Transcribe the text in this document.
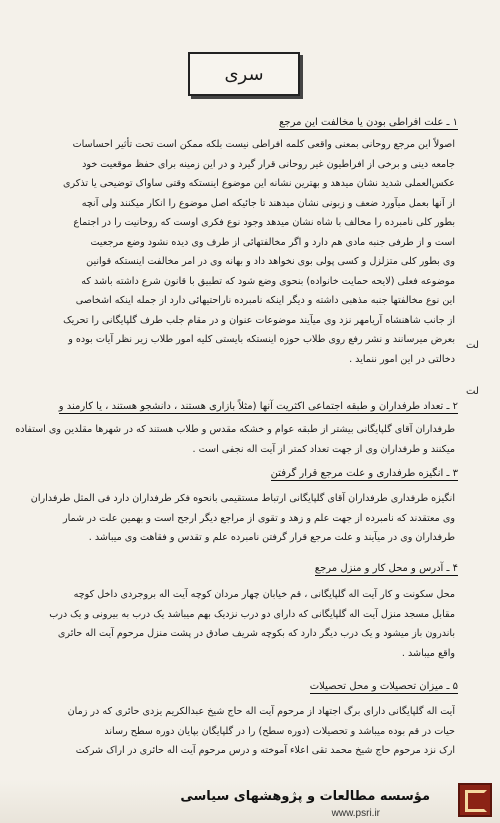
سری
۱ ـ علت افراطی بودن یا مخالفت این مرجع
اصولاً این مرجع روحانی بمعنی واقعی کلمه افراطی نیست بلکه ممکن است تحت تأثیر احساسات
جامعه دینی و برخی از افراطیون غیر روحانی قرار گیرد و در این زمینه برای حفظ موقعیت خود
عکس‌العملی شدید نشان میدهد و بهترین نشانه این موضوع اینستکه وقتی ساواک توضیحی یا تذکری
از آنها بعمل میآورد ضعف و زبونی نشان میدهند تا جائیکه اصل موضوع را انکار میکنند ولی آنچه
بطور کلی نامبرده را مخالف با شاه نشان میدهد وجود نوع فکری اوست که روحانیت را در اجتماع
است و از طرفی جنبه مادی هم دارد و اگر مخالفتهائی از طرف وی دیده نشود وضع مرجعیت
وی بطور کلی متزلزل و کسی پولی بوی نخواهد داد و بهانه وی در امر مخالفت اینستکه قوانین
موضوعه فعلی (لایحه حمایت خانواده) بنحوی وضع شود که تطبیق با قانون شرع داشته باشد که
این نوع مخالفتها جنبه مذهبی داشته و دیگر اینکه نامبرده ناراحتیهائی دارد از جمله اینکه اشخاصی
از جانب شاهنشاه آریامهر نزد وی میآیند موضوعات عنوان و در مقام جلب طرف گلپایگانی را تحریک
بعرض میرسانند و نشر رفع روی طلاب حوزه اینستکه بایستی کلیه امور طلاب زیر نظر آیات بوده و
دخالتی در این امور ننماید .
لت
۲ ـ تعداد طرفداران و طبقه اجتماعی اکثریت آنها (مثلاً بازاری هستند ، دانشجو هستند ، یا کارمند و
لت
طرفداران آقای گلپایگانی بیشتر از طبقه عوام و خشکه مقدس و طلاب هستند که در شهرها مقلدین وی استفاده
میکنند و طرفداران وی از جهت تعداد کمتر از آیت اله نجفی است .
۳ ـ انگیزه طرفداری و علت مرجع قرار گرفتن
انگیزه طرفداری طرفداران آقای گلپایگانی ارتباط مستقیمی بانحوه فکر طرفداران دارد فی المثل طرفداران
وی معتقدند که نامبرده از جهت علم و زهد و تقوی از مراجع دیگر ارجح است و بهمین علت در شمار
طرفداران وی در میآیند و علت مرجع قرار گرفتن نامبرده علم و تقدس و فقاهت وی میباشد .
۴ ـ آدرس و محل کار و منزل مرجع
محل سکونت و کار آیت اله گلپایگانی ، قم خیابان چهار مردان کوچه آیت اله بروجردی داخل کوچه
مقابل مسجد منزل آیت اله گلپایگانی که دارای دو درب نزدیک بهم میباشد یک درب به بیرونی و یک درب
باندرون باز میشود و یک درب دیگر دارد که بکوچه شریف صادق در پشت منزل مرحوم آیت اله حائری
واقع میباشد .
۵ ـ میزان تحصیلات و محل تحصیلات
آیت اله گلپایگانی دارای برگ اجتهاد از مرحوم آیت اله حاج شیخ عبدالکریم یزدی حائری که در زمان
حیات در قم بوده میباشد و تحصیلات (دوره سطح) را در گلپایگان بپایان دوره سطح رساند
ارک نزد مرحوم حاج شیخ محمد تقی اعلاء آموخته و درس مرحوم آیت اله حائری در اراک شرکت
مؤسسه مطالعات و پژوهشهای سیاسی
www.psri.ir
